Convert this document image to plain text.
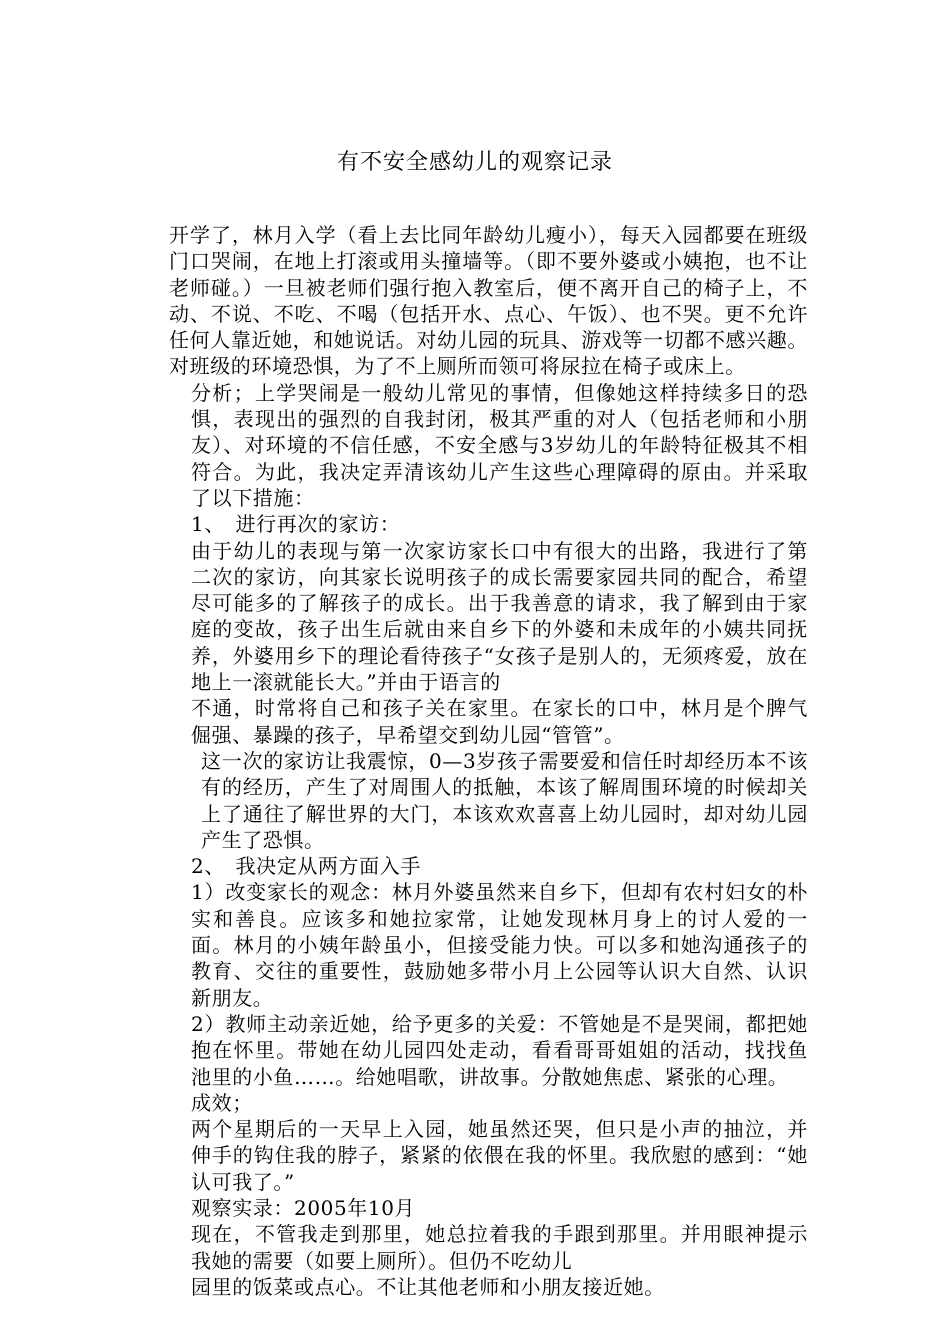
有不安全感幼儿的观察记录

开学了，林月入学（看上去比同年龄幼儿瘦小），每天入园都要在班级门口哭闹，在地上打滚或用头撞墙等。（即不要外婆或小姨抱，也不让老师碰。）一旦被老师们强行抱入教室后，便不离开自己的椅子上，不动、不说、不吃、不喝（包括开水、点心、午饭）、也不哭。更不允许任何人靠近她，和她说话。对幼儿园的玩具、游戏等一切都不感兴趣。对班级的环境恐惧，为了不上厕所而领可将尿拉在椅子或床上。

分析；上学哭闹是一般幼儿常见的事情，但像她这样持续多日的恐惧，表现出的强烈的自我封闭，极其严重的对人（包括老师和小朋友）、对环境的不信任感，不安全感与3岁幼儿的年龄特征极其不相符合。为此，我决定弄清该幼儿产生这些心理障碍的原由。并采取了以下措施：

1、　进行再次的家访：

由于幼儿的表现与第一次家访家长口中有很大的出路，我进行了第二次的家访，向其家长说明孩子的成长需要家园共同的配合，希望尽可能多的了解孩子的成长。出于我善意的请求，我了解到由于家庭的变故，孩子出生后就由来自乡下的外婆和未成年的小姨共同抚养，外婆用乡下的理论看待孩子“女孩子是别人的，无须疼爱，放在地上一滚就能长大。”并由于语言的

不通，时常将自己和孩子关在家里。在家长的口中，林月是个脾气倔强、暴躁的孩子，早希望交到幼儿园“管管”。

这一次的家访让我震惊，0—3岁孩子需要爱和信任时却经历本不该有的经历，产生了对周围人的抵触，本该了解周围环境的时候却关上了通往了解世界的大门，本该欢欢喜喜上幼儿园时，却对幼儿园产生了恐惧。

2、　我决定从两方面入手

1）改变家长的观念：林月外婆虽然来自乡下，但却有农村妇女的朴实和善良。应该多和她拉家常，让她发现林月身上的讨人爱的一面。林月的小姨年龄虽小，但接受能力快。可以多和她沟通孩子的教育、交往的重要性，鼓励她多带小月上公园等认识大自然、认识新朋友。

2）教师主动亲近她，给予更多的关爱：不管她是不是哭闹，都把她抱在怀里。带她在幼儿园四处走动，看看哥哥姐姐的活动，找找鱼池里的小鱼……。给她唱歌，讲故事。分散她焦虑、紧张的心理。

成效；

两个星期后的一天早上入园，她虽然还哭，但只是小声的抽泣，并伸手的钩住我的脖子，紧紧的依偎在我的怀里。我欣慰的感到：“她认可我了。”

观察实录：2005年10月

现在，不管我走到那里，她总拉着我的手跟到那里。并用眼神提示我她的需要（如要上厕所）。但仍不吃幼儿

园里的饭菜或点心。不让其他老师和小朋友接近她。
